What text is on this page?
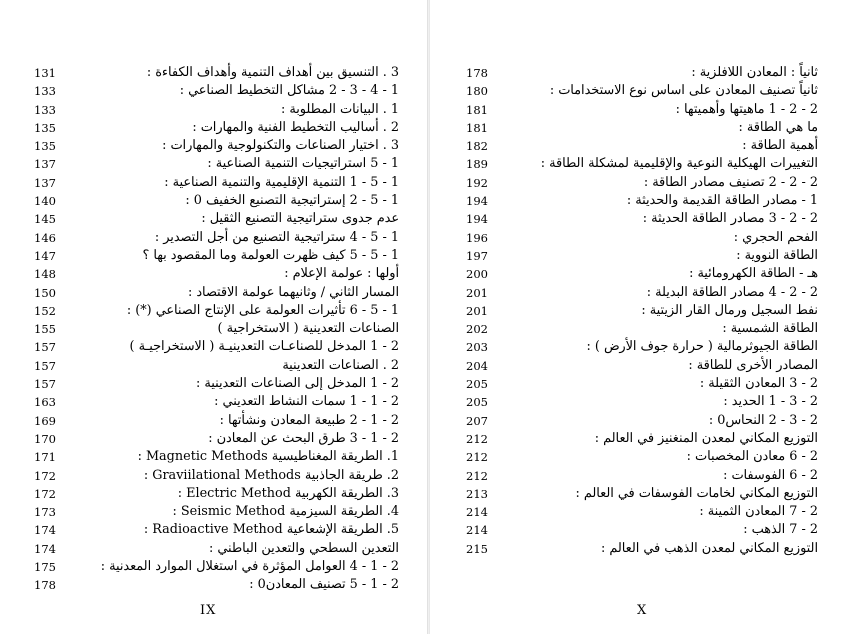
131	3 . التنسيق بين أهداف التنمية وأهداف الكفاءة :
133	1 - 4 - 3 - 2 مشاكل التخطيط الصناعي :
133	1 . البيانات المطلوبة :
135	2 . أساليب التخطيط الفنية والمهارات :
135	3 . اختيار الصناعات والتكنولوجية والمهارات :
137	1 - 5 استراتيجيات التنمية الصناعية :
137	1 - 5 - 1 التنمية الإقليمية والتنمية الصناعية :
140	1 - 5 - 2 إستراتيجية التصنيع الخفيف 0 :
145	عدم جدوى ستراتيجية التصنيع الثقيل :
146	1 - 5 - 4 ستراتيجية التصنيع من أجل التصدير :
147	1 - 5 - 5 كيف ظهرت العولمة وما المقصود بها ؟
148	أولها : عولمة الإعلام :
150	المسار الثاني / وثانيهما عولمة الاقتصاد :
152	1 - 5 - 6 تأثيرات العولمة على الإنتاج الصناعي (*) :
155	الصناعات التعدينية ( الاستخراجية )
157	2 - 1 المدخل للصناعـات التعدينيـة ( الاستخراجيـة )
157	2 . الصناعات التعدينية
157	2 - 1 المدخل إلى الصناعات التعدينية :
163	2 - 1 - 1 سمات النشاط التعديني :
169	2 - 1 - 2 طبيعة المعادن ونشأتها :
170	2 - 1 - 3 طرق البحث عن المعادن :
171	1. الطريقة المغناطيسية Magnetic Methods :
172	2. طريقة الجاذبية Graviilational Methods :
172	3. الطريقة الكهربية Electric Method :
173	4. الطريقة السيزمية Seismic Method :
174	5. الطريقة الإشعاعية Radioactive Method :
174	التعدين السطحي والتعدين الباطني :
175	2 - 1 - 4 العوامل المؤثرة في استغلال الموارد المعدنية :
178	2 - 1 - 5 تصنيف المعادن0 :
IX
178	ثانياً : المعادن اللافلزية :
180	ثانياً تصنيف المعادن على اساس نوع الاستخدامات :
181	2 - 2 - 1 ماهيتها وأهميتها :
181	ما هي الطاقة :
182	أهمية الطاقة :
189	التغييرات الهيكلية النوعية والإقليمية لمشكلة الطاقة :
192	2 - 2 - 2 تصنيف مصادر الطاقة :
194	1 - مصادر الطاقة القديمة والحديثة :
194	2 - 2 - 3 مصادر الطاقة الحديثة :
196	الفحم الحجري :
197	الطاقة النووية :
200	هـ - الطاقة الكهرومائية :
201	2 - 2 - 4 مصادر الطاقة البديلة :
201	نفط السجيل ورمال القار الزيتية :
202	الطاقة الشمسية :
203	الطاقة الجيوثرمالية ( حرارة جوف الأرض ) :
204	المصادر الأخرى للطاقة :
205	2 - 3 المعادن الثقيلة :
205	2 - 3 - 1 الحديد :
207	2 - 3 - 2 النحاس0 :
212	التوزيع المكاني لمعدن المنغنيز في العالم :
212	2 - 6 معادن المخصبات :
212	2 - 6 الفوسفات :
213	التوزيع المكاني لخامات الفوسفات في العالم :
214	2 - 7 المعادن الثمينة :
214	2 - 7 الذهب :
215	التوزيع المكاني لمعدن الذهب في العالم :
X
